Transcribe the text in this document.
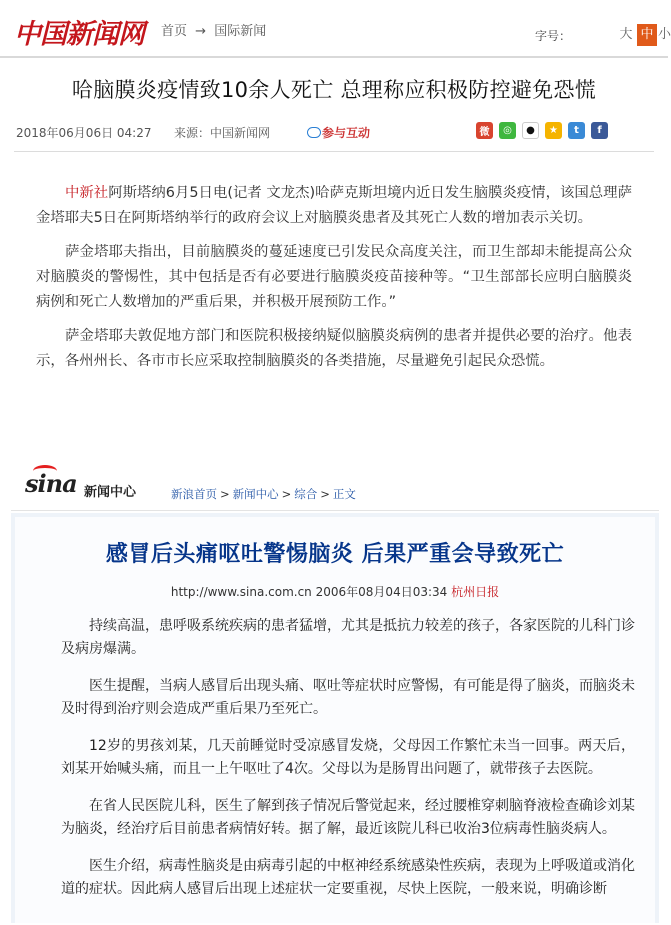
中国新闻网 首页 → 国际新闻	字号：	大 中 小
哈脑膜炎疫情致10余人死亡 总理称应积极防控避免恐慌
2018年06月06日 04:27 来源：中国新闻网	参与互动	微	◎	●	★	t	f

中新社阿斯塔纳6月5日电(记者 文龙杰)哈萨克斯坦境内近日发生脑膜炎疫情，该国总理萨金塔耶夫5日在阿斯塔纳举行的政府会议上对脑膜炎患者及其死亡人数的增加表示关切。

萨金塔耶夫指出，目前脑膜炎的蔓延速度已引发民众高度关注，而卫生部却未能提高公众对脑膜炎的警惕性，其中包括是否有必要进行脑膜炎疫苗接种等。“卫生部部长应明白脑膜炎病例和死亡人数增加的严重后果，并积极开展预防工作。”

萨金塔耶夫敦促地方部门和医院积极接纳疑似脑膜炎病例的患者并提供必要的治疗。他表示，各州州长、各市市长应采取控制脑膜炎的各类措施，尽量避免引起民众恐慌。

sina 新闻中心	新浪首页 > 新闻中心 > 综合 > 正文
感冒后头痛呕吐警惕脑炎 后果严重会导致死亡
http://www.sina.com.cn 2006年08月04日03:34 杭州日报

持续高温，患呼吸系统疾病的患者猛增，尤其是抵抗力较差的孩子，各家医院的儿科门诊及病房爆满。

医生提醒，当病人感冒后出现头痛、呕吐等症状时应警惕，有可能是得了脑炎，而脑炎未及时得到治疗则会造成严重后果乃至死亡。

12岁的男孩刘某，几天前睡觉时受凉感冒发烧，父母因工作繁忙未当一回事。两天后，刘某开始喊头痛，而且一上午呕吐了4次。父母以为是肠胃出问题了，就带孩子去医院。

在省人民医院儿科，医生了解到孩子情况后警觉起来，经过腰椎穿刺脑脊液检查确诊刘某为脑炎，经治疗后目前患者病情好转。据了解，最近该院儿科已收治3位病毒性脑炎病人。

医生介绍，病毒性脑炎是由病毒引起的中枢神经系统感染性疾病，表现为上呼吸道或消化道的症状。因此病人感冒后出现上述症状一定要重视，尽快上医院，一般来说，明确诊断
